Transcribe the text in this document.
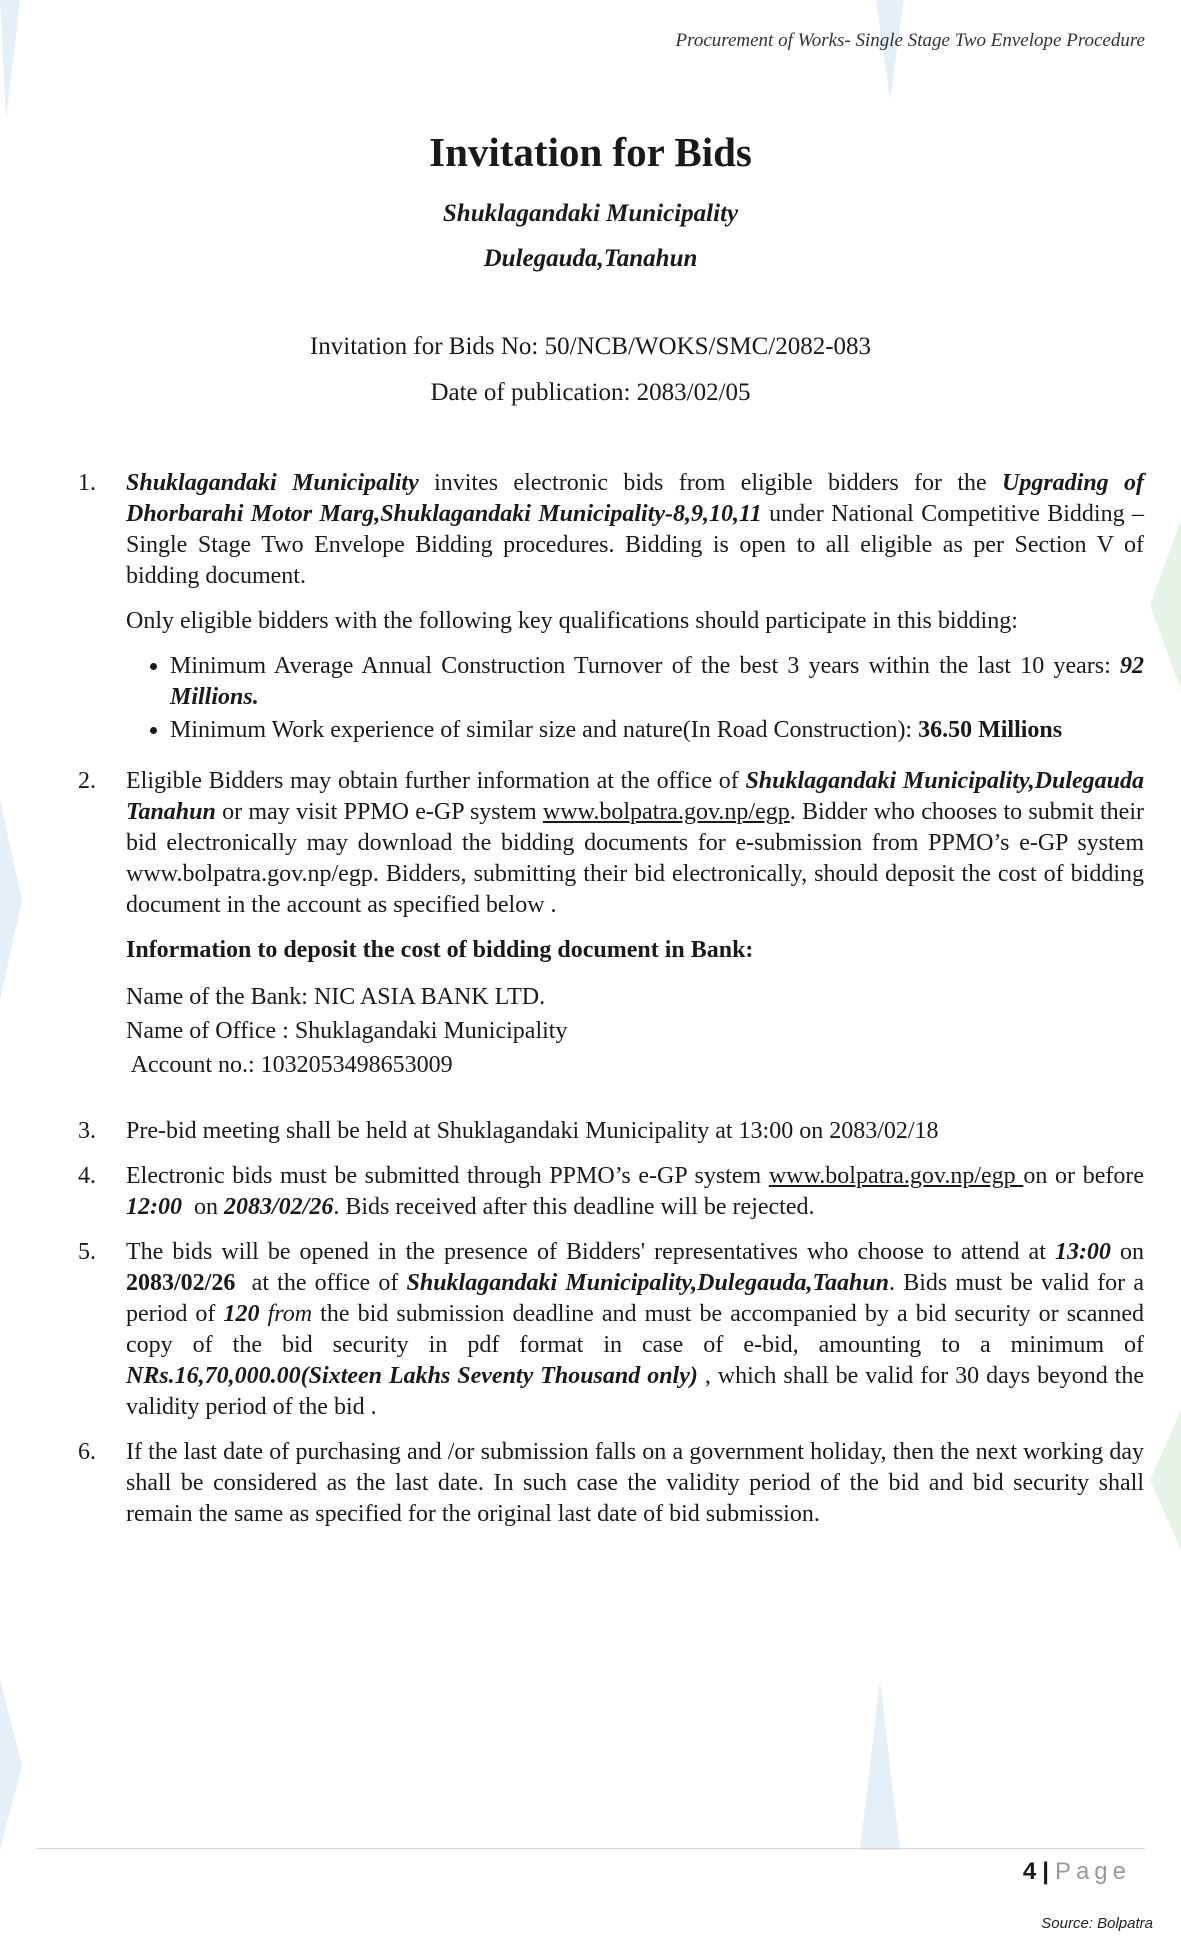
Procurement of Works- Single Stage Two Envelope Procedure
Invitation for Bids
Shuklagandaki Municipality
Dulegauda,Tanahun
Invitation for Bids No: 50/NCB/WOKS/SMC/2082-083
Date of publication: 2083/02/05
1.	Shuklagandaki Municipality invites electronic bids from eligible bidders for the Upgrading of Dhorbarahi Motor Marg,Shuklagandaki Municipality-8,9,10,11 under National Competitive Bidding – Single Stage Two Envelope Bidding procedures. Bidding is open to all eligible as per Section V of bidding document.

Only eligible bidders with the following key qualifications should participate in this bidding:

• Minimum Average Annual Construction Turnover of the best 3 years within the last 10 years: 92 Millions.
• Minimum Work experience of similar size and nature(In Road Construction): 36.50 Millions
2.	Eligible Bidders may obtain further information at the office of Shuklagandaki Municipality,Dulegauda Tanahun or may visit PPMO e-GP system www.bolpatra.gov.np/egp. Bidder who chooses to submit their bid electronically may download the bidding documents for e-submission from PPMO’s e-GP system www.bolpatra.gov.np/egp. Bidders, submitting their bid electronically, should deposit the cost of bidding document in the account as specified below .

Information to deposit the cost of bidding document in Bank:

Name of the Bank: NIC ASIA BANK LTD.
Name of Office : Shuklagandaki Municipality
Account no.: 1032053498653009
3.	Pre-bid meeting shall be held at Shuklagandaki Municipality at 13:00 on 2083/02/18
4.	Electronic bids must be submitted through PPMO’s e-GP system www.bolpatra.gov.np/egp on or before 12:00  on 2083/02/26. Bids received after this deadline will be rejected.
5.	The bids will be opened in the presence of Bidders' representatives who choose to attend at 13:00 on 2083/02/26  at the office of Shuklagandaki Municipality,Dulegauda,Taahun. Bids must be valid for a period of 120 from the bid submission deadline and must be accompanied by a bid security or scanned copy of the bid security in pdf format in case of e-bid, amounting to a minimum of NRs.16,70,000.00(Sixteen Lakhs Seventy Thousand only) , which shall be valid for 30 days beyond the validity period of the bid .
6.	If the last date of purchasing and /or submission falls on a government holiday, then the next working day shall be considered as the last date. In such case the validity period of the bid and bid security shall remain the same as specified for the original last date of bid submission.
4 | Page
Source: Bolpatra
